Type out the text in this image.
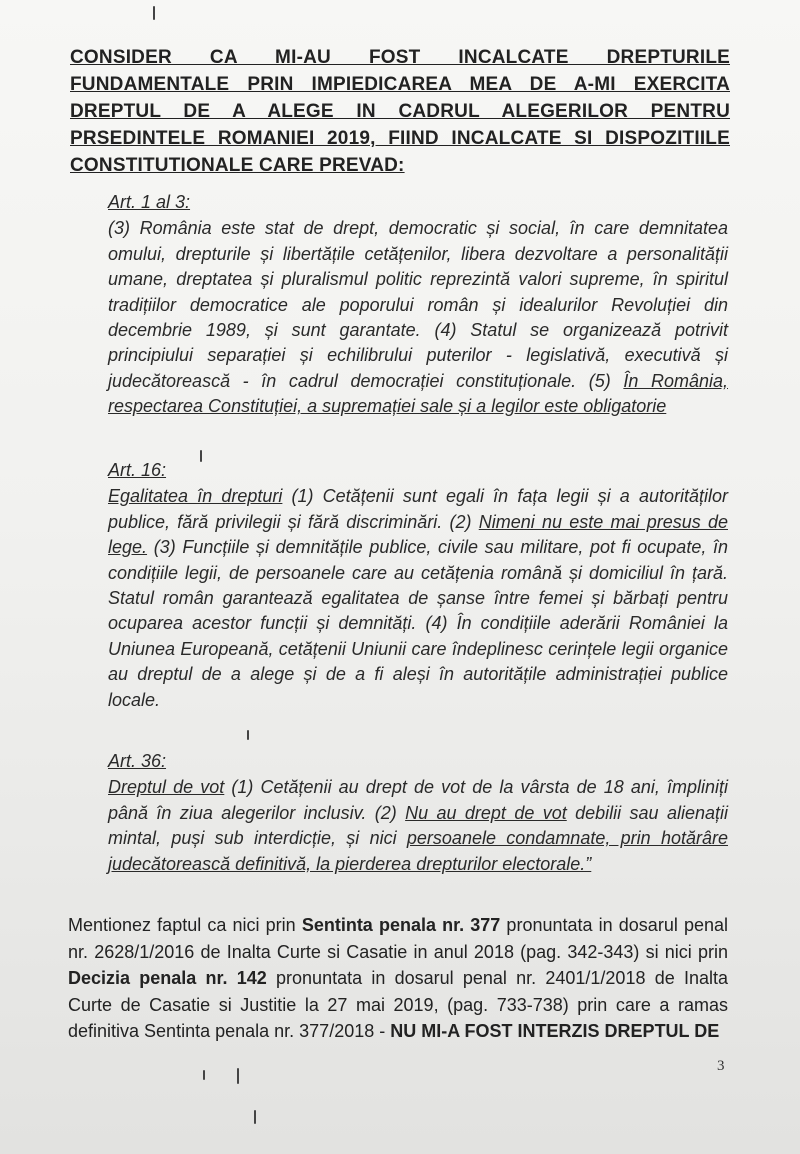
CONSIDER CA MI-AU FOST INCALCATE DREPTURILE FUNDAMENTALE PRIN IMPIEDICAREA MEA DE A-MI EXERCITA DREPTUL DE A ALEGE IN CADRUL ALEGERILOR PENTRU PRSEDINTELE ROMANIEI 2019, FIIND INCALCATE SI DISPOZITIILE CONSTITUTIONALE CARE PREVAD:
Art. 1 al 3:
(3) România este stat de drept, democratic și social, în care demnitatea omului, drepturile și libertățile cetățenilor, libera dezvoltare a personalității umane, dreptatea și pluralismul politic reprezintă valori supreme, în spiritul tradițiilor democratice ale poporului român și idealurilor Revoluției din decembrie 1989, și sunt garantate. (4) Statul se organizează potrivit principiului separației și echilibrului puterilor - legislativă, executivă și judecătorească - în cadrul democrației constituționale. (5) În România, respectarea Constituției, a supremației sale și a legilor este obligatorie
Art. 16:
Egalitatea în drepturi (1) Cetățenii sunt egali în fața legii și a autorităților publice, fără privilegii și fără discriminări. (2) Nimeni nu este mai presus de lege. (3) Funcțiile și demnitățile publice, civile sau militare, pot fi ocupate, în condițiile legii, de persoanele care au cetățenia română și domiciliul în țară. Statul român garantează egalitatea de șanse între femei și bărbați pentru ocuparea acestor funcții și demnități. (4) În condițiile aderării României la Uniunea Europeană, cetățenii Uniunii care îndeplinesc cerințele legii organice au dreptul de a alege și de a fi aleși în autoritățile administrației publice locale.
Art. 36:
Dreptul de vot (1) Cetățenii au drept de vot de la vârsta de 18 ani, împliniți până în ziua alegerilor inclusiv. (2) Nu au drept de vot debilii sau alienații mintal, puși sub interdicție, și nici persoanele condamnate, prin hotărâre judecătorească definitivă, la pierderea drepturilor electorale.”
Mentionez faptul ca nici prin Sentinta penala nr. 377 pronuntata in dosarul penal nr. 2628/1/2016 de Inalta Curte si Casatie in anul 2018 (pag. 342-343) si nici prin Decizia penala nr. 142 pronuntata in dosarul penal nr. 2401/1/2018 de Inalta Curte de Casatie si Justitie la 27 mai 2019, (pag. 733-738) prin care a ramas definitiva Sentinta penala nr. 377/2018 - NU MI-A FOST INTERZIS DREPTUL DE
3
